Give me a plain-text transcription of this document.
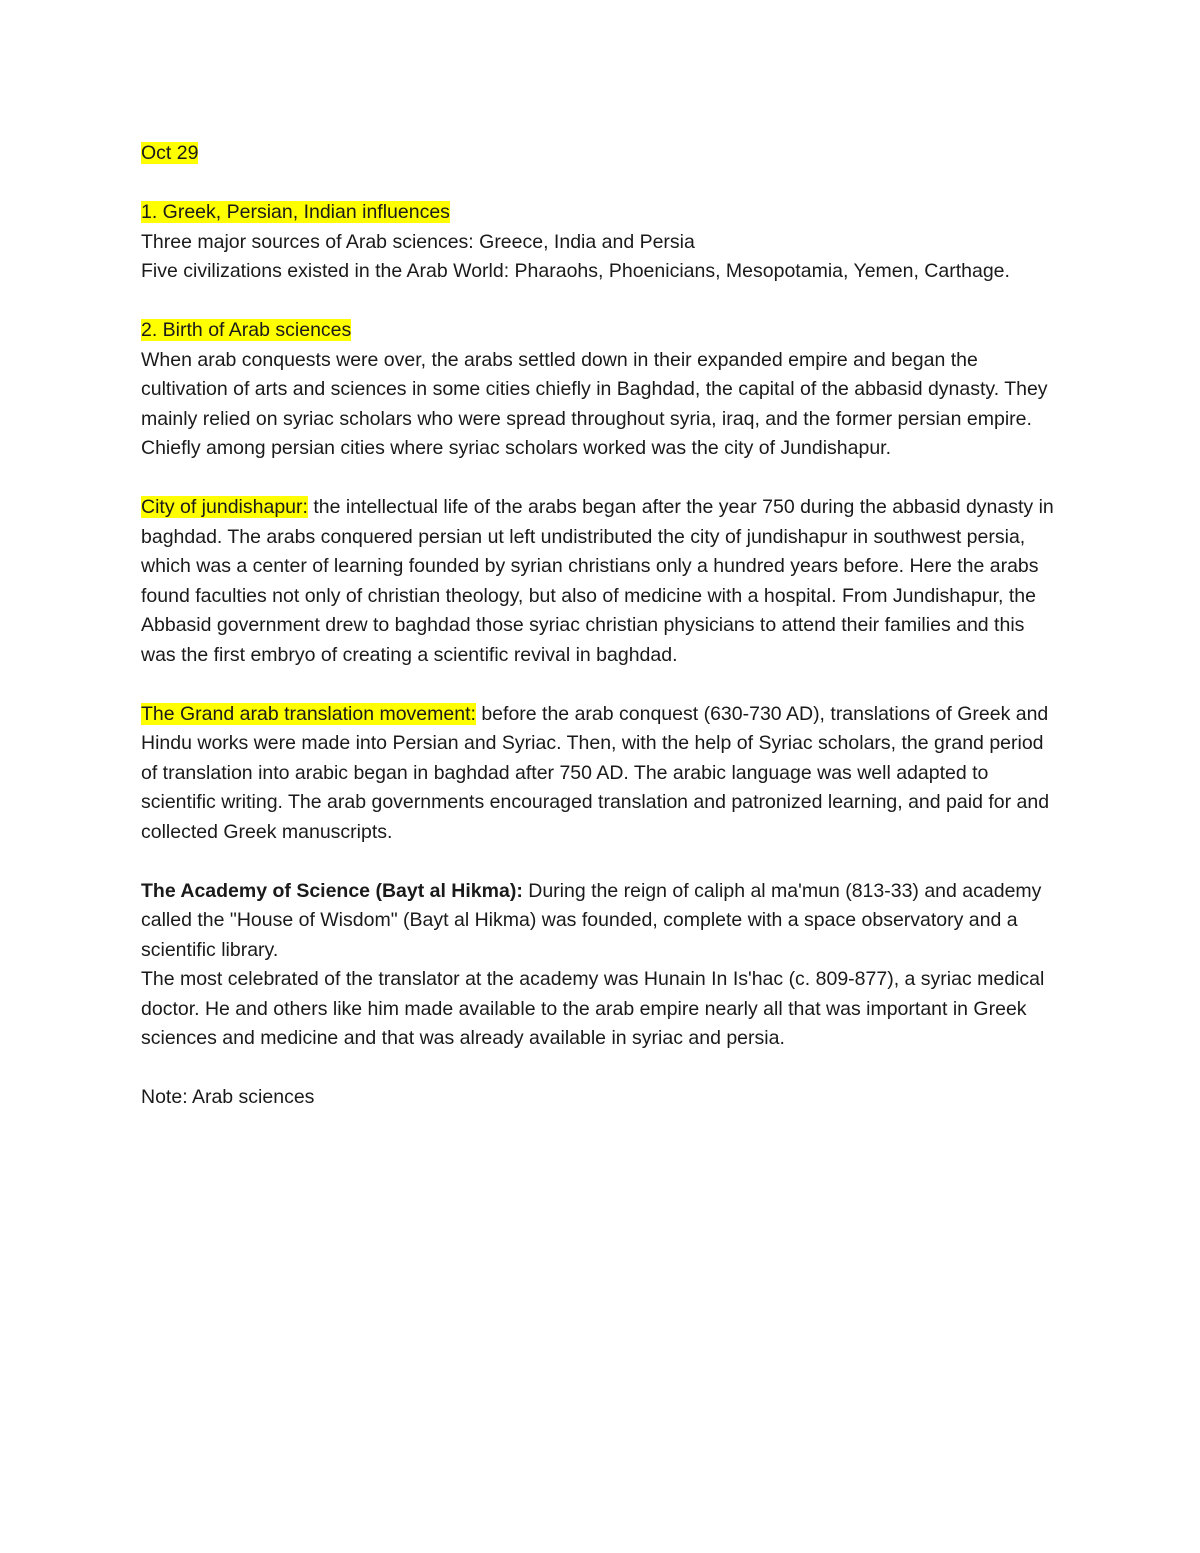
Oct 29

1. Greek, Persian, Indian influences

Three major sources of Arab sciences: Greece, India and Persia

Five civilizations existed in the Arab World: Pharaohs, Phoenicians, Mesopotamia, Yemen, Carthage.

2. Birth of Arab sciences

When arab conquests were over, the arabs settled down in their expanded empire and began the cultivation of arts and sciences in some cities chiefly in Baghdad, the capital of the abbasid dynasty. They mainly relied on syriac scholars who were spread throughout syria, iraq, and the former persian empire. Chiefly among persian cities where syriac scholars worked was the city of Jundishapur.

City of jundishapur: the intellectual life of the arabs began after the year 750 during the abbasid dynasty in baghdad. The arabs conquered persian ut left undistributed the city of jundishapur in southwest persia, which was a center of learning founded by syrian christians only a hundred years before. Here the arabs found faculties not only of christian theology, but also of medicine with a hospital. From Jundishapur, the Abbasid government drew to baghdad those syriac christian physicians to attend their families and this was the first embryo of creating a scientific revival in baghdad.

The Grand arab translation movement: before the arab conquest (630-730 AD), translations of Greek and Hindu works were made into Persian and Syriac. Then, with the help of Syriac scholars, the grand period of translation into arabic began in baghdad after 750 AD. The arabic language was well adapted to scientific writing. The arab governments encouraged translation and patronized learning, and paid for and collected Greek manuscripts.

The Academy of Science (Bayt al Hikma): During the reign of caliph al ma'mun (813-33) and academy called the "House of Wisdom" (Bayt al Hikma) was founded, complete with a space observatory and a scientific library.

The most celebrated of the translator at the academy was Hunain In Is'hac (c. 809-877), a syriac medical doctor. He and others like him made available to the arab empire nearly all that was important in Greek sciences and medicine and that was already available in syriac and persia.

Note: Arab sciences
